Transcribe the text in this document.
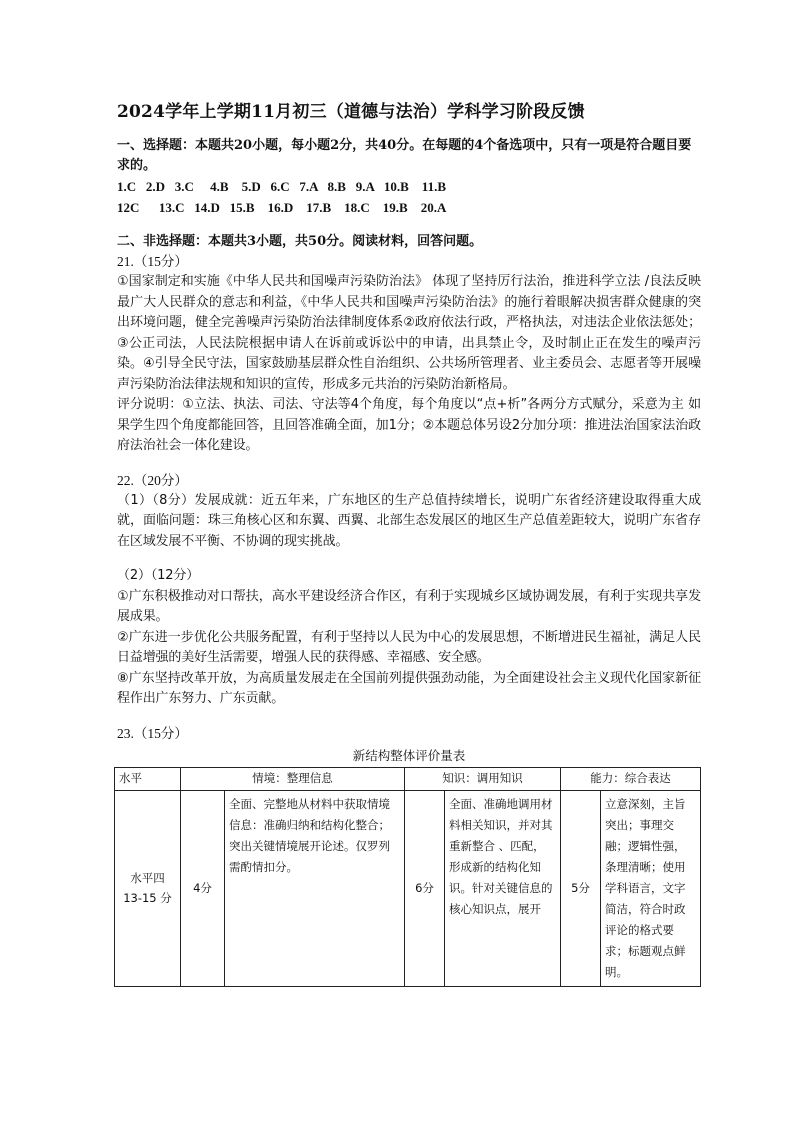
2024学年上学期11月初三（道德与法治）学科学习阶段反馈

一、选择题：本题共20小题，每小题2分，共40分。在每题的4个备选项中，只有一项是符合题目要求的。

1.C   2.D   3.C     4.B    5.D   6.C   7.A   8.B   9.A   10.B    11.B

12C      13.C   14.D   15.B    16.D    17.B    18.C    19.B    20.A

二、非选择题：本题共3小题，共50分。阅读材料，回答问题。

21.（15分）

①国家制定和实施《中华人民共和国噪声污染防治法》 体现了坚持厉行法治，推进科学立法 /良法反映最广大人民群众的意志和利益，《中华人民共和国噪声污染防治法》的施行着眼解决损害群众健康的突出环境问题，健全完善噪声污染防治法律制度体系②政府依法行政，严格执法，对违法企业依法惩处；③公正司法，人民法院根据申请人在诉前或诉讼中的申请，出具禁止令，及时制止正在发生的噪声污染。④引导全民守法，国家鼓励基层群众性自治组织、公共场所管理者、业主委员会、志愿者等开展噪声污染防治法律法规和知识的宣传，形成多元共治的污染防治新格局。

评分说明：①立法、执法、司法、守法等4个角度，每个角度以“点+析”各两分方式赋分，采意为主 如果学生四个角度都能回答，且回答准确全面，加1分；②本题总体另设2分加分项：推进法治国家法治政府法治社会一体化建设。

22.（20分）

（1）（8分）发展成就：近五年来，广东地区的生产总值持续增长，说明广东省经济建设取得重大成就，面临问题：珠三角核心区和东翼、西翼、北部生态发展区的地区生产总值差距较大，说明广东省存在区域发展不平衡、不协调的现实挑战。

（2）（12分）

①广东积极推动对口帮扶，高水平建设经济合作区，有利于实现城乡区域协调发展，有利于实现共享发展成果。

②广东进一步优化公共服务配置，有利于坚持以人民为中心的发展思想，不断增进民生福祉，满足人民日益增强的美好生活需要，增强人民的获得感、幸福感、安全感。

⑧广东坚持改革开放，为高质量发展走在全国前列提供强劲动能，为全面建设社会主义现代化国家新征程作出广东努力、广东贡献。

23.（15分）

新结构整体评价量表
水平	情境：整理信息		知识：调用知识		能力：综合表达	
水平四
13-15 分	4分	全面、完整地从材料中获取情境信息：准确归纳和结构化整合；突出关键情境展开论述。仅罗列需酌情扣分。	6分	全面、准确地调用材料相关知识，并对其重新整合 、匹配，形成新的结构化知识。针对关键信息的核心知识点，展开	5分	立意深刻，主旨突出；事理交融；逻辑性强，条理清晰；使用学科语言，文字简洁，符合时政评论的格式要求；标题观点鲜明。
